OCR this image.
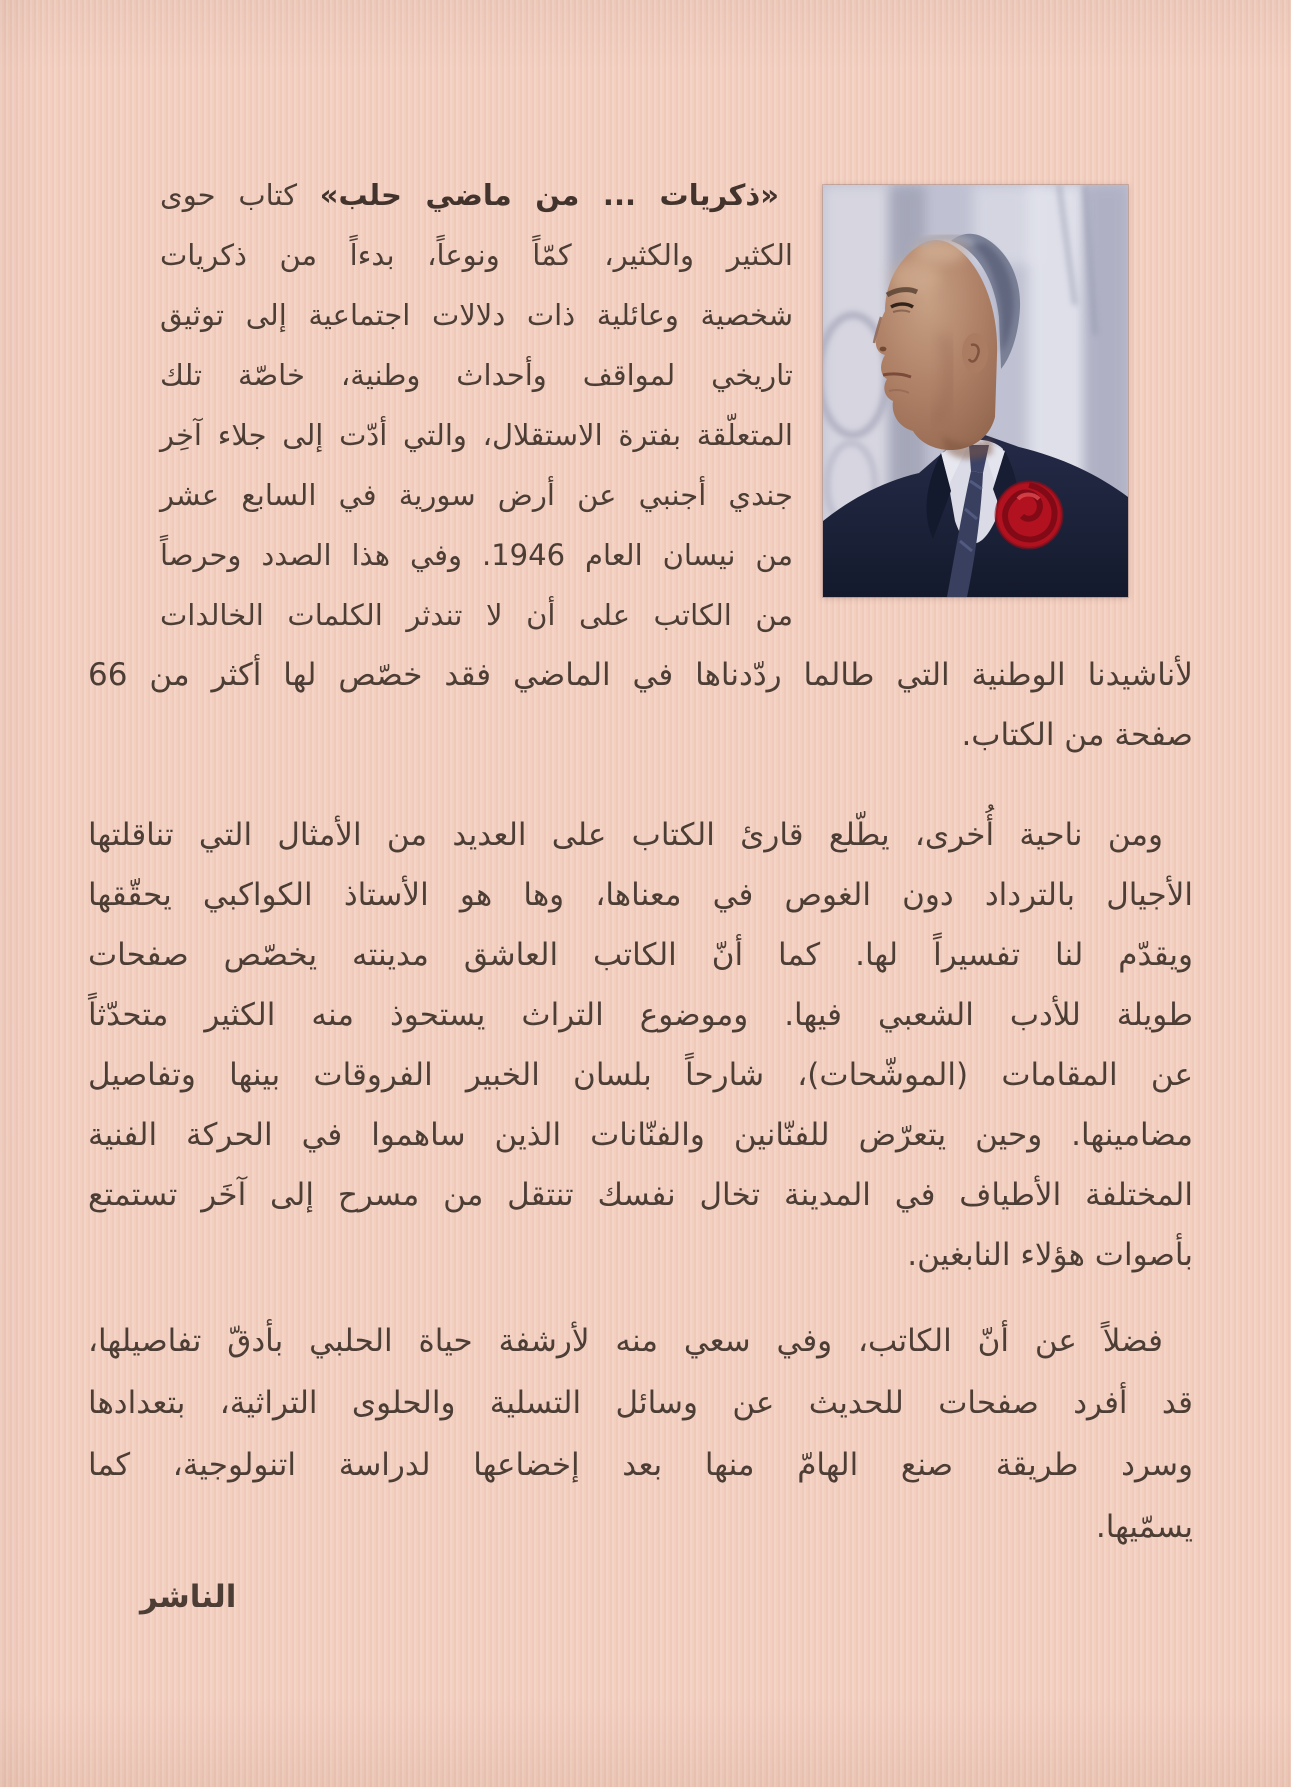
«ذكريات ... من ماضي حلب» كتاب حوى
الكثير والكثير، كمّاً ونوعاً، بدءاً من ذكريات
شخصية وعائلية ذات دلالات اجتماعية إلى توثيق
تاريخي لمواقف وأحداث وطنية، خاصّة تلك
المتعلّقة بفترة الاستقلال، والتي أدّت إلى جلاء آخِر
جندي أجنبي عن أرض سورية في السابع عشر
من نيسان العام 1946. وفي هذا الصدد وحرصاً
من الكاتب على أن لا تندثر الكلمات الخالدات
لأناشيدنا الوطنية التي طالما ردّدناها في الماضي فقد خصّص لها أكثر من 66
صفحة من الكتاب.
ومن ناحية أُخرى، يطّلع قارئ الكتاب على العديد من الأمثال التي تناقلتها
الأجيال بالترداد دون الغوص في معناها، وها هو الأستاذ الكواكبي يحقّقها
ويقدّم لنا تفسيراً لها. كما أنّ الكاتب العاشق مدينته يخصّص صفحات
طويلة للأدب الشعبي فيها. وموضوع التراث يستحوذ منه الكثير متحدّثاً
عن المقامات (الموشّحات)، شارحاً بلسان الخبير الفروقات بينها وتفاصيل
مضامينها. وحين يتعرّض للفنّانين والفنّانات الذين ساهموا في الحركة الفنية
المختلفة الأطياف في المدينة تخال نفسك تنتقل من مسرح إلى آخَر تستمتع
بأصوات هؤلاء النابغين.
فضلاً عن أنّ الكاتب، وفي سعي منه لأرشفة حياة الحلبي بأدقّ تفاصيلها،
قد أفرد صفحات للحديث عن وسائل التسلية والحلوى التراثية، بتعدادها
وسرد طريقة صنع الهامّ منها بعد إخضاعها لدراسة اتنولوجية، كما
يسمّيها.
الناشر
